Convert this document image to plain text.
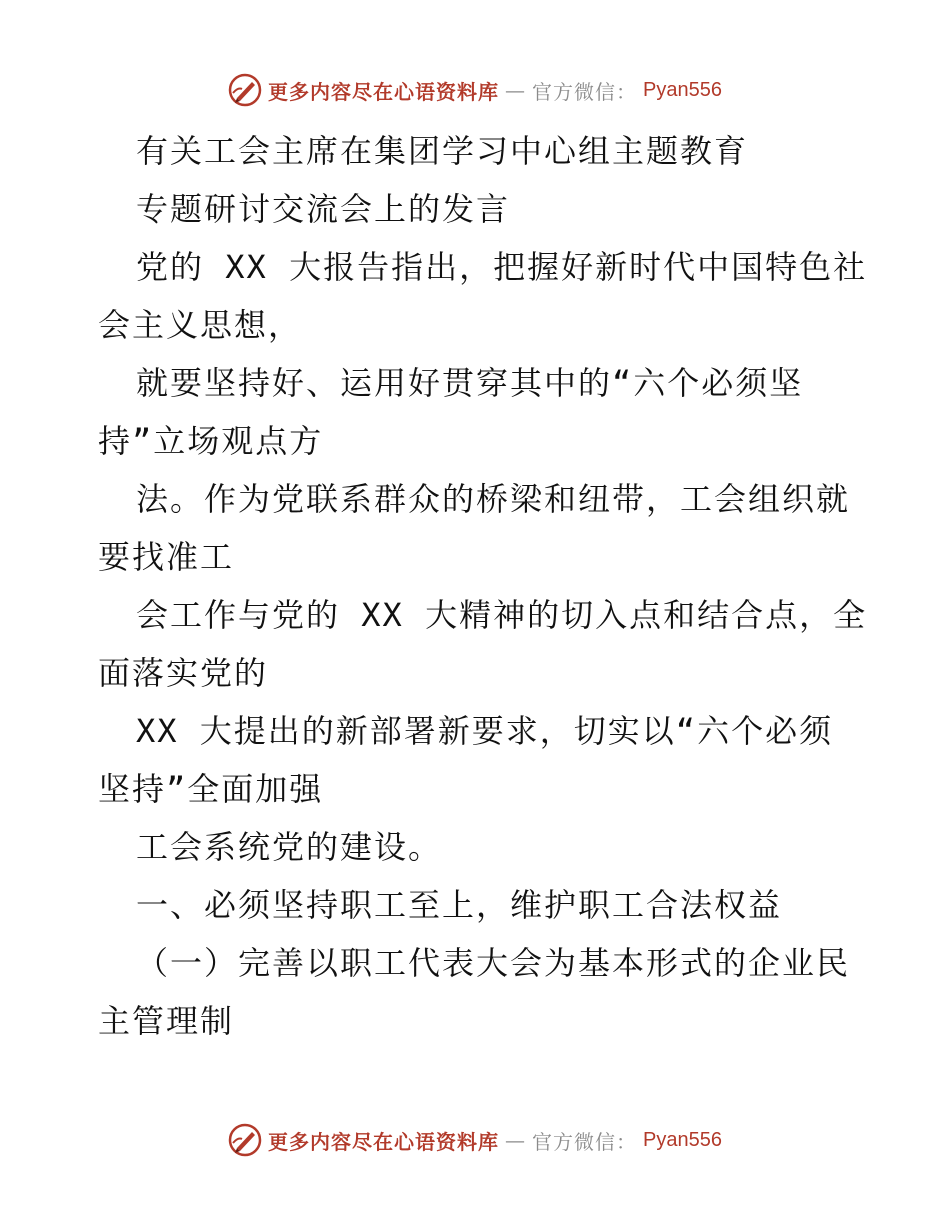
更多内容尽在心语资料库 — 官方微信： Pyan556
有关工会主席在集团学习中心组主题教育
专题研讨交流会上的发言
党的 XX 大报告指出，把握好新时代中国特色社
会主义思想，
就要坚持好、运用好贯穿其中的“六个必须坚
持”立场观点方
法。作为党联系群众的桥梁和纽带，工会组织就
要找准工
会工作与党的 XX 大精神的切入点和结合点，全
面落实党的
XX 大提出的新部署新要求，切实以“六个必须
坚持”全面加强
工会系统党的建设。
一、必须坚持职工至上，维护职工合法权益
（一）完善以职工代表大会为基本形式的企业民
主管理制
更多内容尽在心语资料库 — 官方微信： Pyan556
